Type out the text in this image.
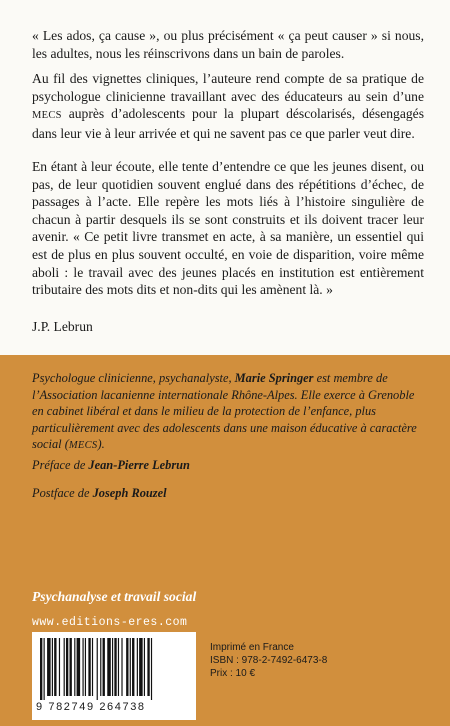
« Les ados, ça cause », ou plus précisément « ça peut causer » si nous, les adultes, nous les réinscrivons dans un bain de paroles.

Au fil des vignettes cliniques, l’auteure rend compte de sa pratique de psychologue clinicienne travaillant avec des éducateurs au sein d’une MECS auprès d’adolescents pour la plupart déscolarisés, désengagés dans leur vie à leur arrivée et qui ne savent pas ce que parler veut dire.

En étant à leur écoute, elle tente d’entendre ce que les jeunes disent, ou pas, de leur quotidien souvent englué dans des répétitions d’échec, de passages à l’acte. Elle repère les mots liés à l’histoire singulière de chacun à partir desquels ils se sont construits et ils doivent tracer leur avenir. « Ce petit livre transmet en acte, à sa manière, un essentiel qui est de plus en plus souvent occulté, en voie de disparition, voire même aboli : le travail avec des jeunes placés en institution est entièrement tributaire des mots dits et non-dits qui les amènent là. »

J.P. Lebrun

Psychologue clinicienne, psychanalyste, Marie Springer est membre de l’Association lacanienne internationale Rhône-Alpes. Elle exerce à Grenoble en cabinet libéral et dans le milieu de la protection de l’enfance, plus particulièrement avec des adolescents dans une maison éducative à caractère social (MECS).

Préface de Jean-Pierre Lebrun

Postface de Joseph Rouzel

Psychanalyse et travail social

www.editions-eres.com

9 782749 264738

Imprimé en France
ISBN : 978-2-7492-6473-8
Prix : 10 €
